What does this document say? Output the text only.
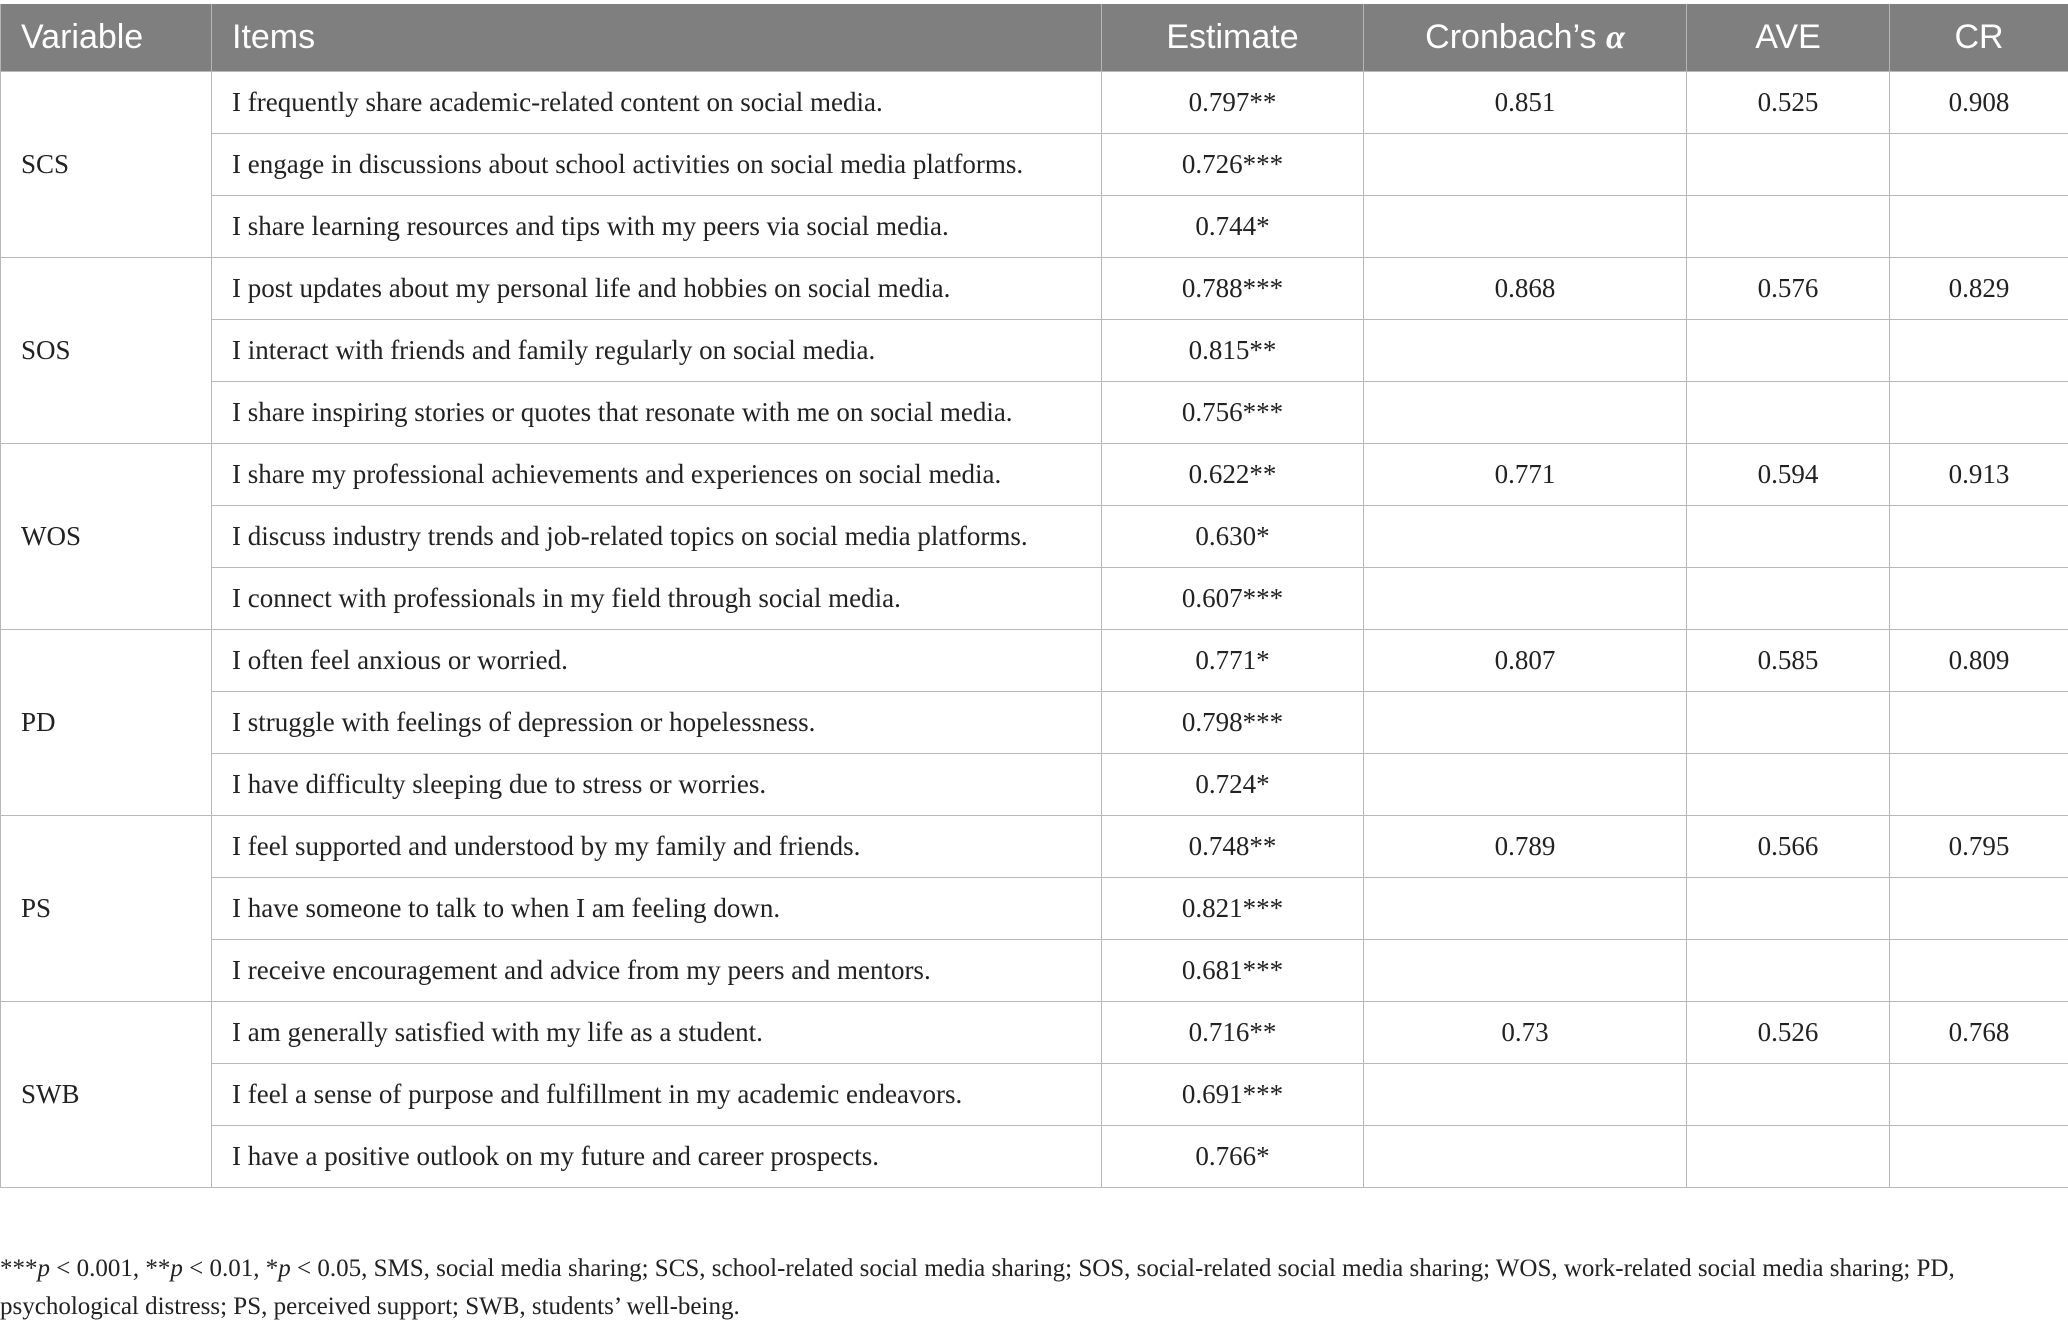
Variable	Items	Estimate	Cronbach’s α	AVE	CR
SCS	I frequently share academic-related content on social media.	0.797**	0.851	0.525	0.908
	I engage in discussions about school activities on social media platforms.	0.726***			
	I share learning resources and tips with my peers via social media.	0.744*			
SOS	I post updates about my personal life and hobbies on social media.	0.788***	0.868	0.576	0.829
	I interact with friends and family regularly on social media.	0.815**			
	I share inspiring stories or quotes that resonate with me on social media.	0.756***			
WOS	I share my professional achievements and experiences on social media.	0.622**	0.771	0.594	0.913
	I discuss industry trends and job-related topics on social media platforms.	0.630*			
	I connect with professionals in my field through social media.	0.607***			
PD	I often feel anxious or worried.	0.771*	0.807	0.585	0.809
	I struggle with feelings of depression or hopelessness.	0.798***			
	I have difficulty sleeping due to stress or worries.	0.724*			
PS	I feel supported and understood by my family and friends.	0.748**	0.789	0.566	0.795
	I have someone to talk to when I am feeling down.	0.821***			
	I receive encouragement and advice from my peers and mentors.	0.681***			
SWB	I am generally satisfied with my life as a student.	0.716**	0.73	0.526	0.768
	I feel a sense of purpose and fulfillment in my academic endeavors.	0.691***			
	I have a positive outlook on my future and career prospects.	0.766*			
***p < 0.001, **p < 0.01, *p < 0.05, SMS, social media sharing; SCS, school-related social media sharing; SOS, social-related social media sharing; WOS, work-related social media sharing; PD, psychological distress; PS, perceived support; SWB, students’ well-being.
